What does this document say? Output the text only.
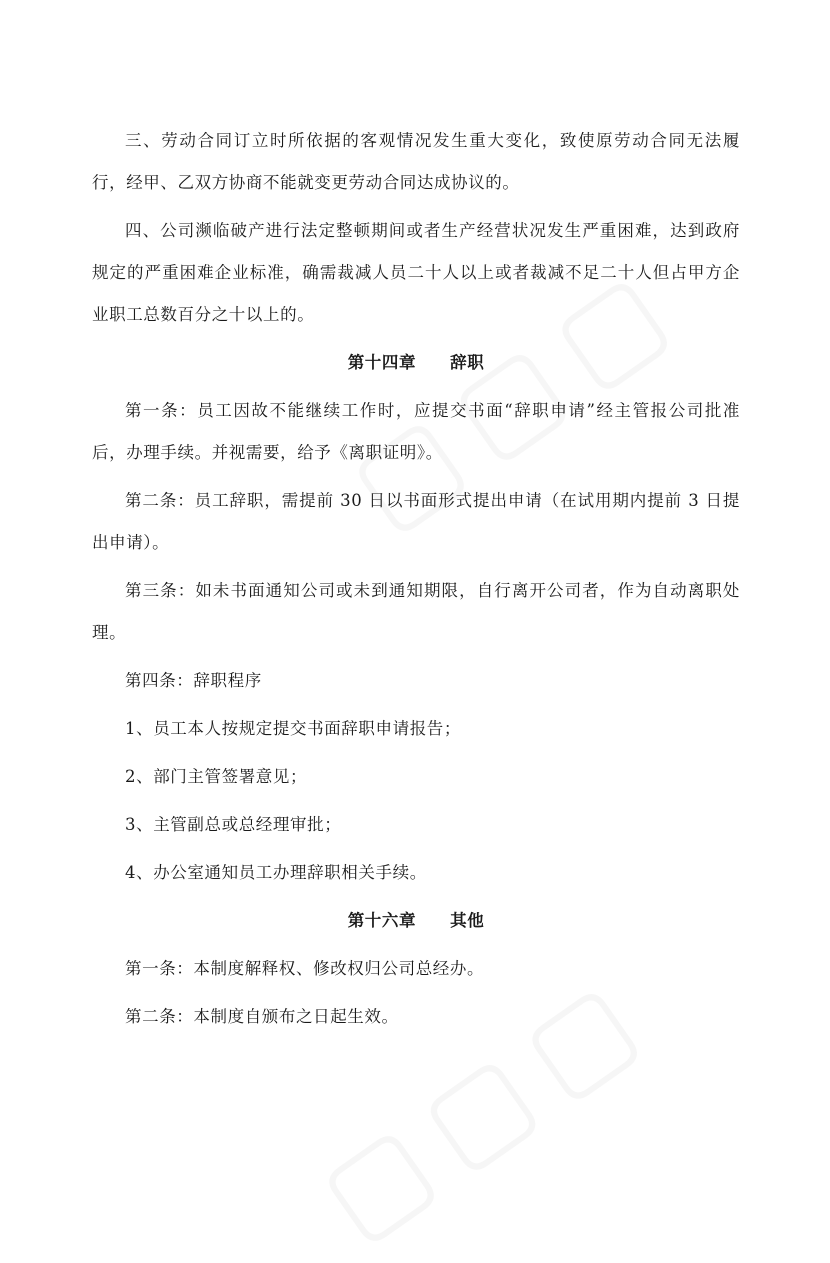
三、劳动合同订立时所依据的客观情况发生重大变化，致使原劳动合同无法履行，经甲、乙双方协商不能就变更劳动合同达成协议的。

四、公司濒临破产进行法定整顿期间或者生产经营状况发生严重困难，达到政府规定的严重困难企业标准，确需裁减人员二十人以上或者裁减不足二十人但占甲方企业职工总数百分之十以上的。

第十四章 辞职

第一条：员工因故不能继续工作时，应提交书面“辞职申请”经主管报公司批准后，办理手续。并视需要，给予《离职证明》。

第二条：员工辞职，需提前 30 日以书面形式提出申请（在试用期内提前 3 日提出申请）。

第三条：如未书面通知公司或未到通知期限，自行离开公司者，作为自动离职处理。

第四条：辞职程序

1、员工本人按规定提交书面辞职申请报告；

2、部门主管签署意见；

3、主管副总或总经理审批；

4、办公室通知员工办理辞职相关手续。

第十六章 其他

第一条：本制度解释权、修改权归公司总经办。

第二条：本制度自颁布之日起生效。
